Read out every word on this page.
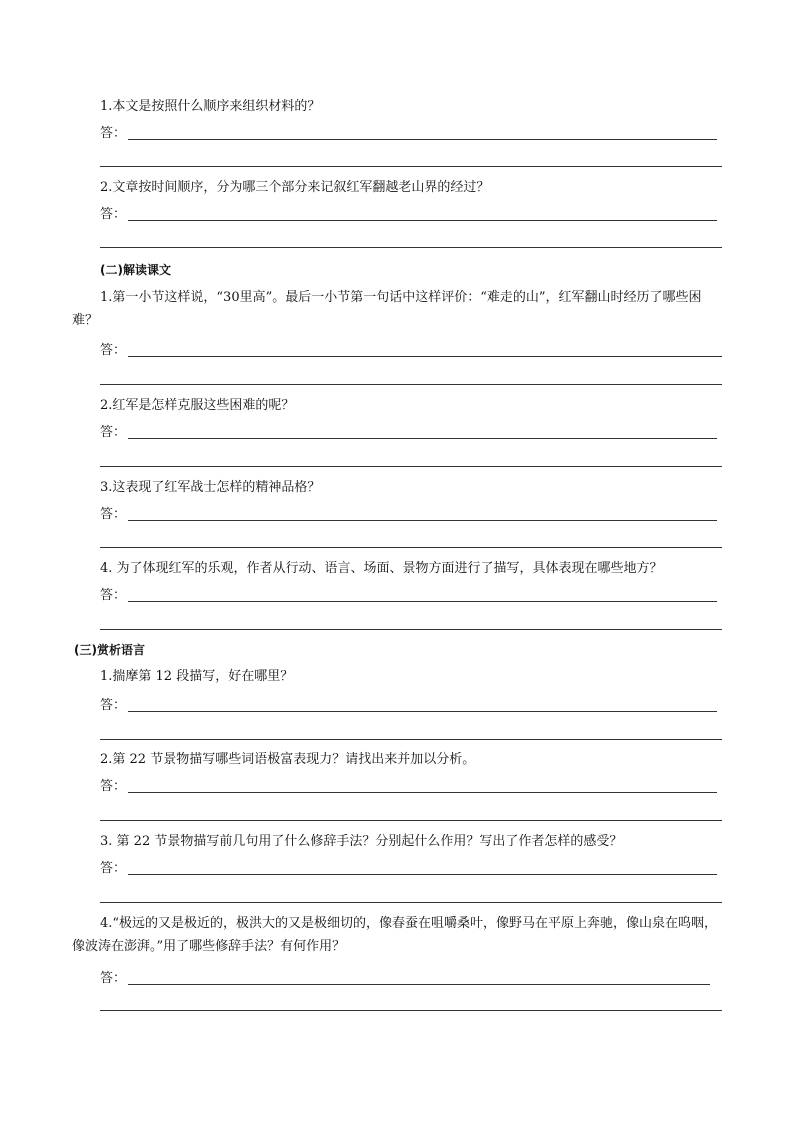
1.本文是按照什么顺序来组织材料的？
答：
2.文章按时间顺序，分为哪三个部分来记叙红军翻越老山界的经过？
答：
(二)解读课文
1.第一小节这样说，“30里高”。最后一小节第一句话中这样评价：“难走的山”，红军翻山时经历了哪些困难？
答：
2.红军是怎样克服这些困难的呢？
答：
3.这表现了红军战士怎样的精神品格？
答：
4. 为了体现红军的乐观，作者从行动、语言、场面、景物方面进行了描写，具体表现在哪些地方？
答：
(三)赏析语言
1.揣摩第 12 段描写，好在哪里？
答：
2.第 22 节景物描写哪些词语极富表现力？请找出来并加以分析。
答：
3. 第 22 节景物描写前几句用了什么修辞手法？分别起什么作用？写出了作者怎样的感受？
答：
4.“极远的又是极近的，极洪大的又是极细切的，像春蚕在咀嚼桑叶，像野马在平原上奔驰，像山泉在呜咽，像波涛在澎湃。”用了哪些修辞手法？有何作用？
答：
